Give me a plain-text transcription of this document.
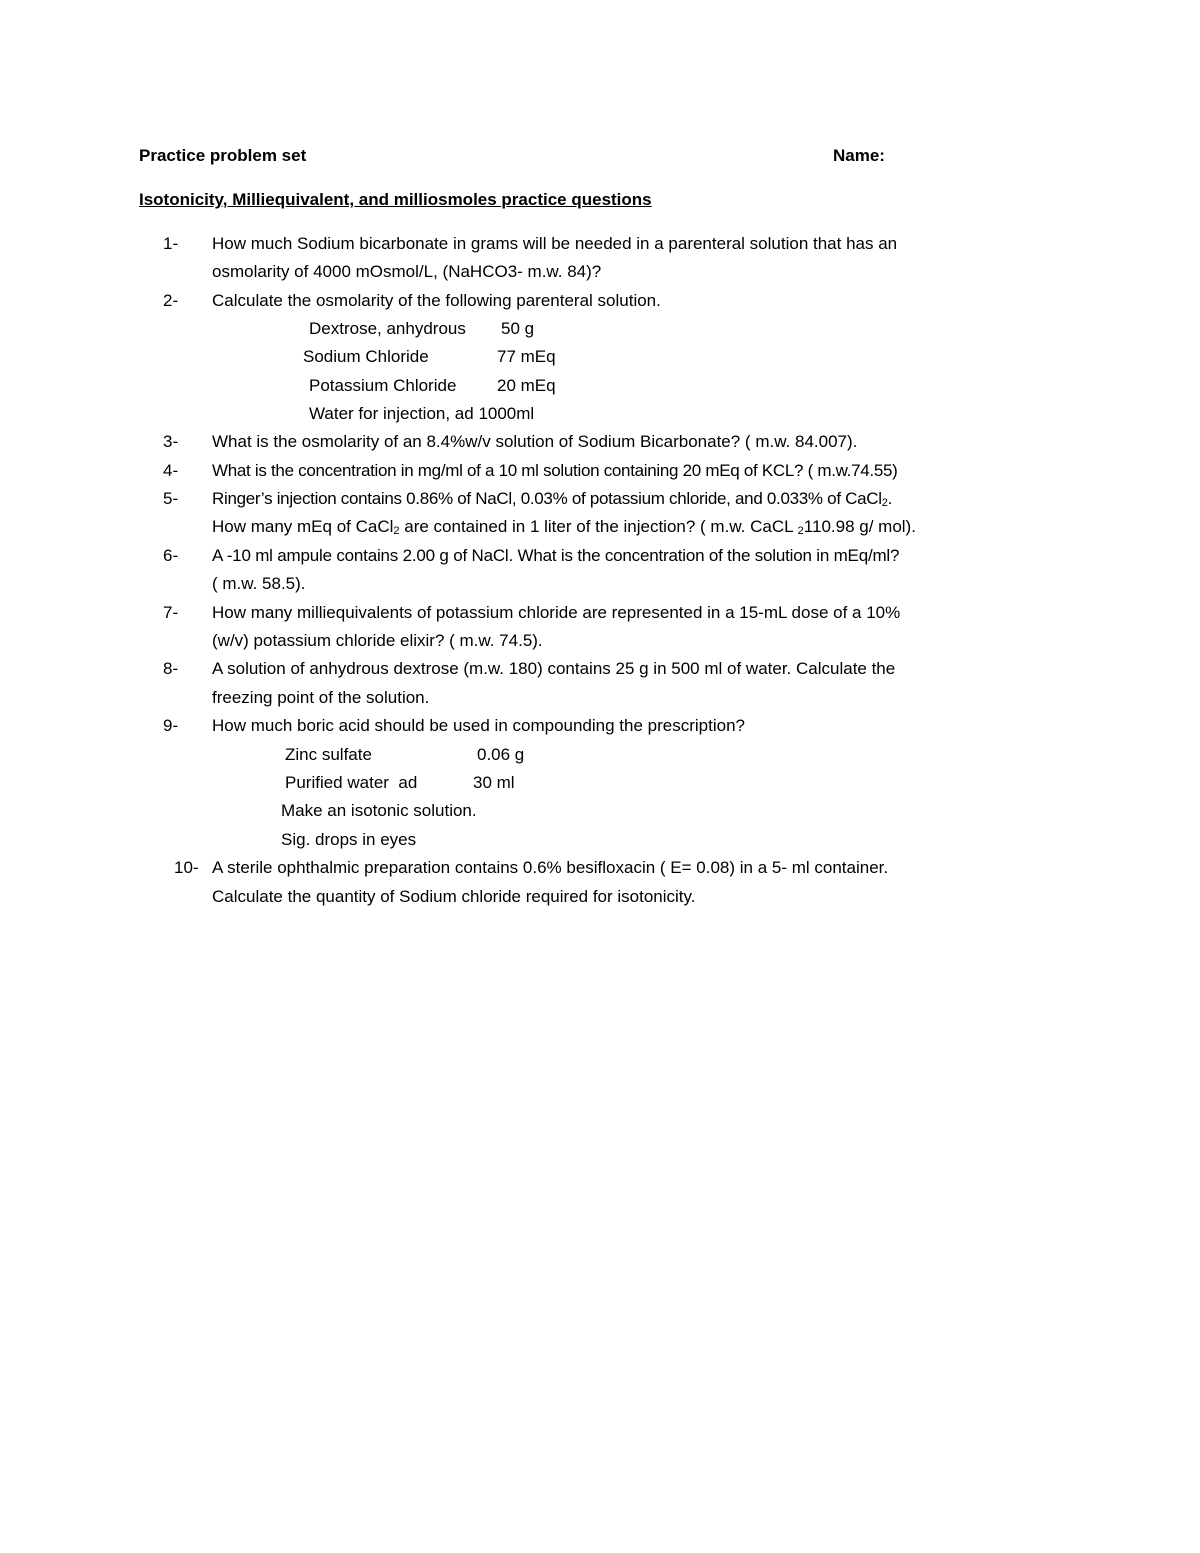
Practice problem set	Name:
Isotonicity, Milliequivalent, and milliosmoles practice questions
1- How much Sodium bicarbonate in grams will be needed in a parenteral solution that has an
osmolarity of 4000 mOsmol/L, (NaHCO3- m.w. 84)?
2- Calculate the osmolarity of the following parenteral solution.
Dextrose, anhydrous 50 g
Sodium Chloride	77 mEq
Potassium Chloride 20 mEq
Water for injection, ad 1000ml
3- What is the osmolarity of an 8.4%w/v solution of Sodium Bicarbonate? ( m.w. 84.007).
4- What is the concentration in mg/ml of a 10 ml solution containing 20 mEq of KCL? ( m.w.74.55)
5- Ringer’s injection contains 0.86% of NaCl, 0.03% of potassium chloride, and 0.033% of CaCl2.
How many mEq of CaCl2 are contained in 1 liter of the injection? ( m.w. CaCL 2110.98 g/ mol).
6- A -10 ml ampule contains 2.00 g of NaCl. What is the concentration of the solution in mEq/ml?
( m.w. 58.5).
7- How many milliequivalents of potassium chloride are represented in a 15-mL dose of a 10%
(w/v) potassium chloride elixir? ( m.w. 74.5).
8- A solution of anhydrous dextrose (m.w. 180) contains 25 g in 500 ml of water. Calculate the
freezing point of the solution.
9- How much boric acid should be used in compounding the prescription?
Zinc sulfate	0.06 g
Purified water  ad	30 ml
Make an isotonic solution.
Sig. drops in eyes
10- A sterile ophthalmic preparation contains 0.6% besifloxacin ( E= 0.08) in a 5- ml container.
Calculate the quantity of Sodium chloride required for isotonicity.
